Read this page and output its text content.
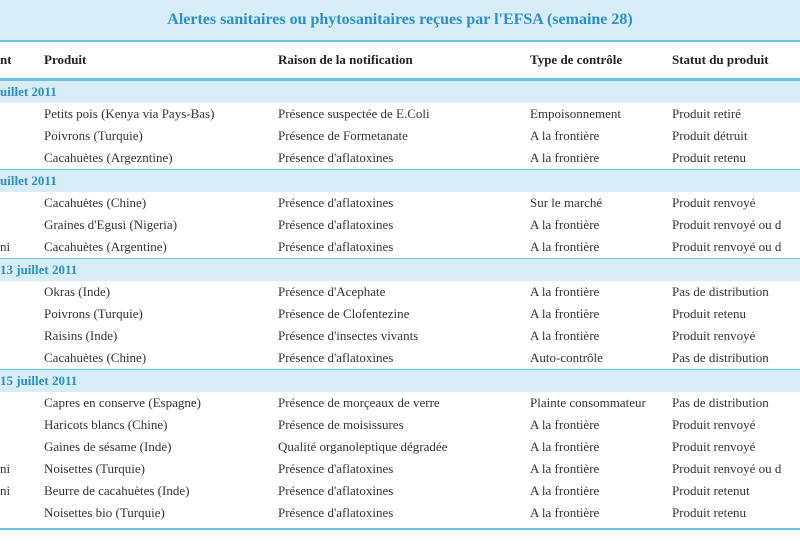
Alertes sanitaires ou phytosanitaires reçues par l'EFSA (semaine 28)
nt	Produit	Raison de la notification	Type de contrôle	Statut du produit
uillet 2011
Petits pois (Kenya via Pays-Bas)	Présence suspectée de E.Coli	Empoisonnement	Produit retiré
Poivrons (Turquie)	Présence de Formetanate	A la frontière	Produit détruit
Cacahuètes (Argezntine)	Présence d'aflatoxines	A la frontière	Produit retenu
uillet 2011
Cacahuètes (Chine)	Présence d'aflatoxines	Sur le marché	Produit renvoyé
Graines d'Egusi (Nigeria)	Présence d'aflatoxines	A la frontière	Produit renvoyé ou d
ni	Cacahuètes (Argentine)	Présence d'aflatoxines	A la frontière	Produit renvoyé ou d
13 juillet 2011
Okras (Inde)	Présence d'Acephate	A la frontière	Pas de distribution
Poivrons (Turquie)	Présence de Clofentezine	A la frontière	Produit retenu
Raisins (Inde)	Présence d'insectes vivants	A la frontière	Produit renvoyé
Cacahuètes (Chine)	Présence d'aflatoxines	Auto-contrôle	Pas de distribution
15 juillet 2011
Capres en conserve (Espagne)	Présence de morçeaux de verre	Plainte consommateur	Pas de distribution
Haricots blancs (Chine)	Présence de moisissures	A la frontière	Produit renvoyé
Gaines de sésame (Inde)	Qualité organoleptique dégradée	A la frontière	Produit renvoyé
ni	Noisettes (Turquie)	Présence d'aflatoxines	A la frontière	Produit renvoyé ou d
ni	Beurre de cacahuètes (Inde)	Présence d'aflatoxines	A la frontière	Produit retenut
Noisettes bio (Turquie)	Présence d'aflatoxines	A la frontière	Produit retenu
